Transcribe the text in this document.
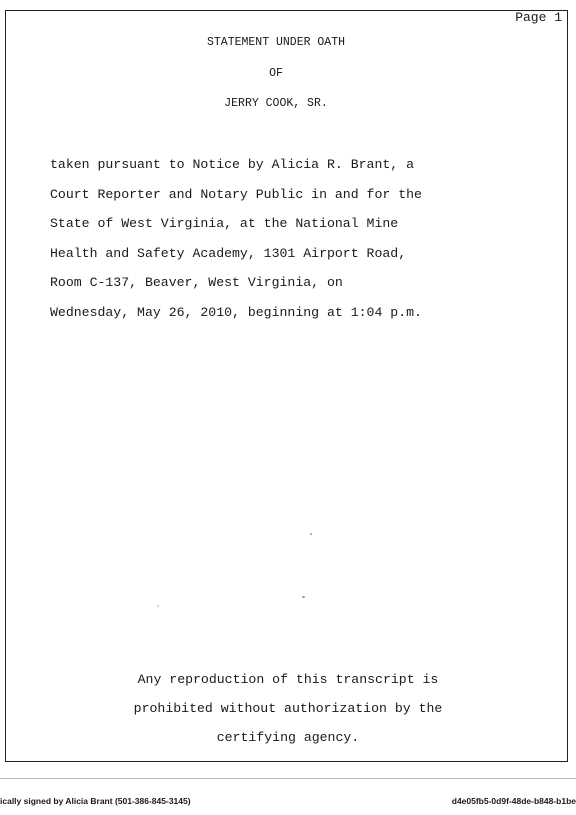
Page 1
STATEMENT UNDER OATH
OF
JERRY COOK, SR.
taken pursuant to Notice by Alicia R. Brant, a
Court Reporter and Notary Public in and for the
State of West Virginia, at the National Mine
Health and Safety Academy, 1301 Airport Road,
Room C-137, Beaver, West Virginia, on
Wednesday, May 26, 2010, beginning at 1:04 p.m.
Any reproduction of this transcript is
prohibited without authorization by the
certifying agency.
ically signed by Alicia Brant (501-386-845-3145)	d4e05fb5-0d9f-48de-b848-b1be
